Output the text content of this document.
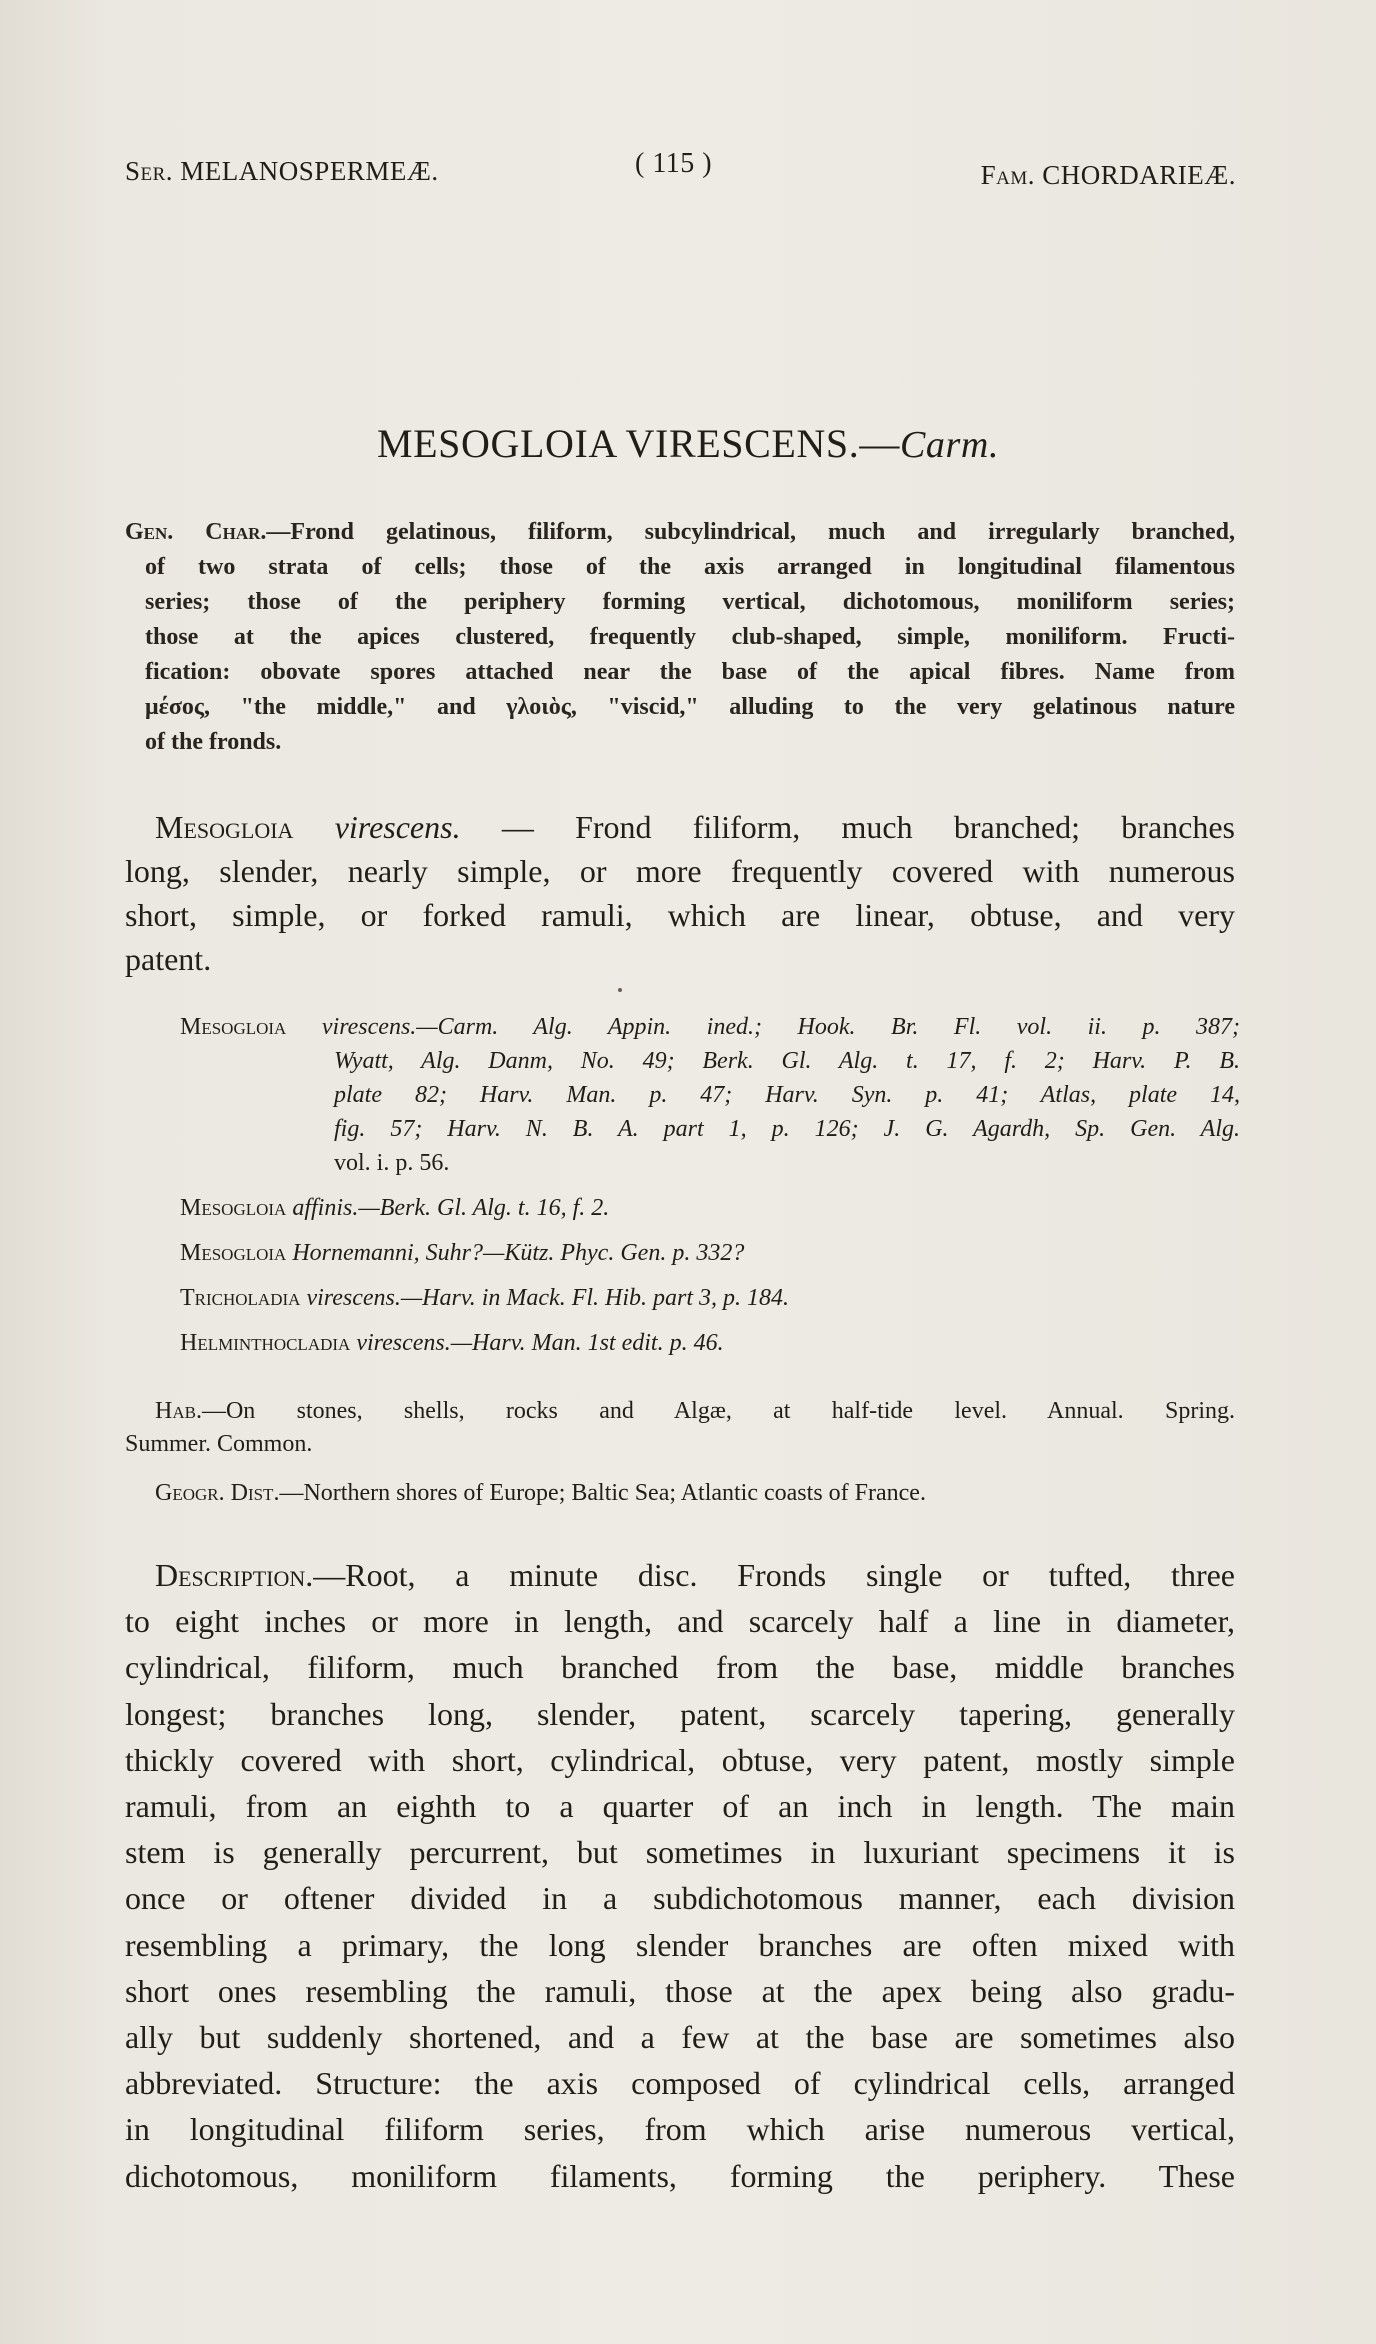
Ser. MELANOSPERMEÆ.	( 115 )	Fam. CHORDARIEÆ.
MESOGLOIA VIRESCENS.—Carm.
Gen. Char.—Frond gelatinous, filiform, subcylindrical, much and irregularly branched,
of two strata of cells; those of the axis arranged in longitudinal filamentous
series; those of the periphery forming vertical, dichotomous, moniliform series;
those at the apices clustered, frequently club-shaped, simple, moniliform. Fructi-
fication: obovate spores attached near the base of the apical fibres. Name from
μέσος, "the middle," and γλοιὸς, "viscid," alluding to the very gelatinous nature
of the fronds.
Mesogloia virescens. — Frond filiform, much branched; branches
long, slender, nearly simple, or more frequently covered with numerous
short, simple, or forked ramuli, which are linear, obtuse, and very
patent.
Mesogloia virescens.—Carm. Alg. Appin. ined.; Hook. Br. Fl. vol. ii. p. 387;
Wyatt, Alg. Danm, No. 49; Berk. Gl. Alg. t. 17, f. 2; Harv. P. B.
plate 82; Harv. Man. p. 47; Harv. Syn. p. 41; Atlas, plate 14,
fig. 57; Harv. N. B. A. part 1, p. 126; J. G. Agardh, Sp. Gen. Alg.
vol. i. p. 56.
Mesogloia affinis.—Berk. Gl. Alg. t. 16, f. 2.
Mesogloia Hornemanni, Suhr?—Kütz. Phyc. Gen. p. 332?
Tricholadia virescens.—Harv. in Mack. Fl. Hib. part 3, p. 184.
Helminthocladia virescens.—Harv. Man. 1st edit. p. 46.
Hab.—On stones, shells, rocks and Algæ, at half-tide level. Annual. Spring.
Summer. Common.
Geogr. Dist.—Northern shores of Europe; Baltic Sea; Atlantic coasts of France.
Description.—Root, a minute disc. Fronds single or tufted, three
to eight inches or more in length, and scarcely half a line in diameter,
cylindrical, filiform, much branched from the base, middle branches
longest; branches long, slender, patent, scarcely tapering, generally
thickly covered with short, cylindrical, obtuse, very patent, mostly simple
ramuli, from an eighth to a quarter of an inch in length. The main
stem is generally percurrent, but sometimes in luxuriant specimens it is
once or oftener divided in a subdichotomous manner, each division
resembling a primary, the long slender branches are often mixed with
short ones resembling the ramuli, those at the apex being also gradu-
ally but suddenly shortened, and a few at the base are sometimes also
abbreviated. Structure: the axis composed of cylindrical cells, arranged
in longitudinal filiform series, from which arise numerous vertical,
dichotomous, moniliform filaments, forming the periphery. These
